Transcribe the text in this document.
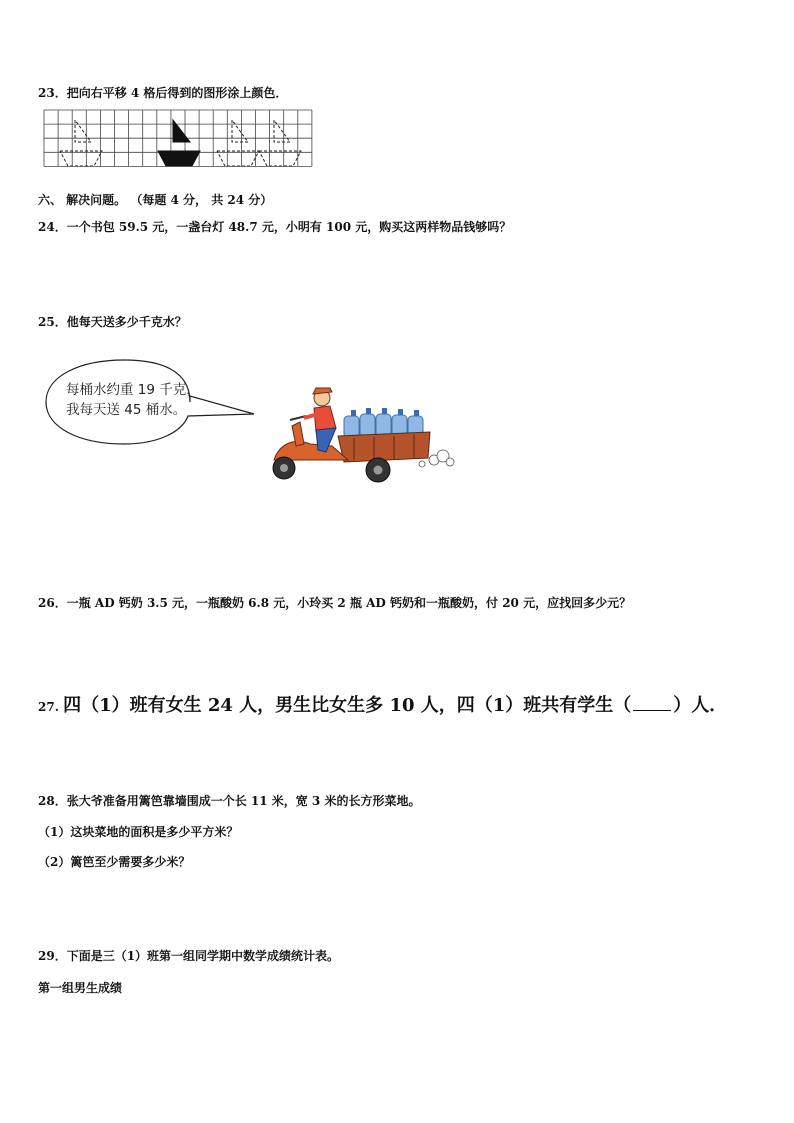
23．把向右平移 4 格后得到的图形涂上颜色．
六、 解决问题。 （每题 4 分， 共 24 分）
24．一个书包 59.5 元，一盏台灯 48.7 元，小明有 100 元，购买这两样物品钱够吗？
25．他每天送多少千克水？
每桶水约重 19 千克，
我每天送 45 桶水。
26．一瓶 AD 钙奶 3.5 元，一瓶酸奶 6.8 元，小玲买 2 瓶 AD 钙奶和一瓶酸奶，付 20 元，应找回多少元？
27. 四（1）班有女生 24 人，男生比女生多 10 人，四（1）班共有学生（ ）人．
28．张大爷准备用篱笆靠墙围成一个长 11 米，宽 3 米的长方形菜地。
（1）这块菜地的面积是多少平方米？
（2）篱笆至少需要多少米？
29．下面是三（1）班第一组同学期中数学成绩统计表。
第一组男生成绩
